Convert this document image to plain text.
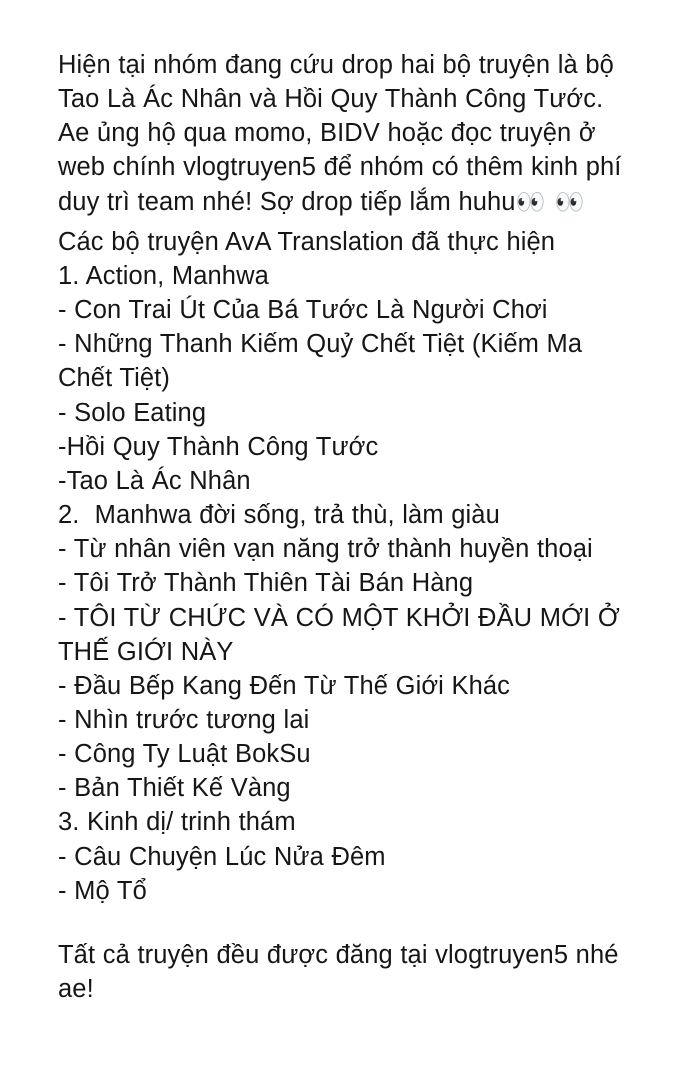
Hiện tại nhóm đang cứu drop hai bộ truyện là bộ Tao Là Ác Nhân và Hồi Quy Thành Công Tước. Ae ủng hộ qua momo, BIDV hoặc đọc truyện ở web chính vlogtruyen5 để nhóm có thêm kinh phí duy trì team nhé! Sợ drop tiếp lắm huhu👀 👀

Các bộ truyện AvA Translation đã thực hiện

1. Action, Manhwa

- Con Trai Út Của Bá Tước Là Người Chơi

- Những Thanh Kiếm Quỷ Chết Tiệt (Kiếm Ma Chết Tiệt)

- Solo Eating

-Hồi Quy Thành Công Tước

-Tao Là Ác Nhân

2.  Manhwa đời sống, trả thù, làm giàu

- Từ nhân viên vạn năng trở thành huyền thoại

- Tôi Trở Thành Thiên Tài Bán Hàng

- TÔI TỪ CHỨC VÀ CÓ MỘT KHỞI ĐẦU MỚI Ở THẾ GIỚI NÀY

- Đầu Bếp Kang Đến Từ Thế Giới Khác

- Nhìn trước tương lai

- Công Ty Luật BokSu

- Bản Thiết Kế Vàng

3. Kinh dị/ trinh thám

- Câu Chuyện Lúc Nửa Đêm

- Mộ Tổ

Tất cả truyện đều được đăng tại vlogtruyen5 nhé ae!
